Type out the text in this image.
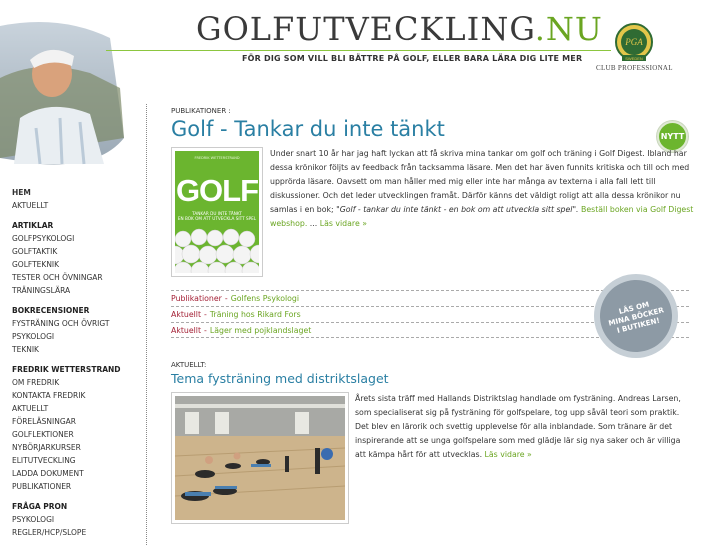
GOLFUTVECKLING.NU
FÖR DIG SOM VILL BLI BÄTTRE PÅ GOLF, ELLER BARA LÄRA DIG LITE MER
PGA
SWEDEN
CLUB PROFESSIONAL
HEM
AKTUELLT
ARTIKLAR
GOLFPSYKOLOGI
GOLFTAKTIK
GOLFTEKNIK
TESTER OCH ÖVNINGAR
TRÄNINGSLÄRA
BOKRECENSIONER
FYSTRÄNING OCH ÖVRIGT
PSYKOLOGI
TEKNIK
FREDRIK WETTERSTRAND
OM FREDRIK
KONTAKTA FREDRIK
AKTUELLT
FÖRELÄSNINGAR
GOLFLEKTIONER
NYBÖRJARKURSER
ELITUTVECKLING
LADDA DOKUMENT
PUBLIKATIONER
FRÅGA PRON
PSYKOLOGI
REGLER/HCP/SLOPE
PUBLIKATIONER :
Golf - Tankar du inte tänkt	NYTT
FREDRIK WETTERSTRAND
GOLF
TANKAR DU INTE TÄNKT
EN BOK OM ATT UTVECKLA SITT SPEL
Under snart 10 år har jag haft lyckan att få skriva mina tankar om golf och träning i Golf Digest. Ibland har dessa krönikor följts av feedback från tacksamma läsare. Men det har även funnits kritiska och till och med upprörda läsare. Oavsett om man håller med mig eller inte har många av texterna i alla fall lett till diskussioner. Och det leder utvecklingen framåt. Därför känns det väldigt roligt att alla dessa krönikor nu samlas i en bok; "Golf - tankar du inte tänkt - en bok om att utveckla sitt spel". Beställ boken via Golf Digest webshop. ... Läs vidare »
Publikationer - Golfens Psykologi
Aktuellt - Träning hos Rikard Fors
Aktuellt - Läger med pojklandslaget
LÄS OM
MINA BÖCKER
I BUTIKEN!
AKTUELLT:
Tema fysträning med distriktslaget
Årets sista träff med Hallands Distriktslag handlade om fysträning. Andreas Larsen, som specialiserat sig på fysträning för golfspelare, tog upp såväl teori som praktik. Det blev en lärorik och svettig upplevelse för alla inblandade. Som tränare är det inspirerande att se unga golfspelare som med glädje lär sig nya saker och är villiga att kämpa hårt för att utvecklas. Läs vidare »
